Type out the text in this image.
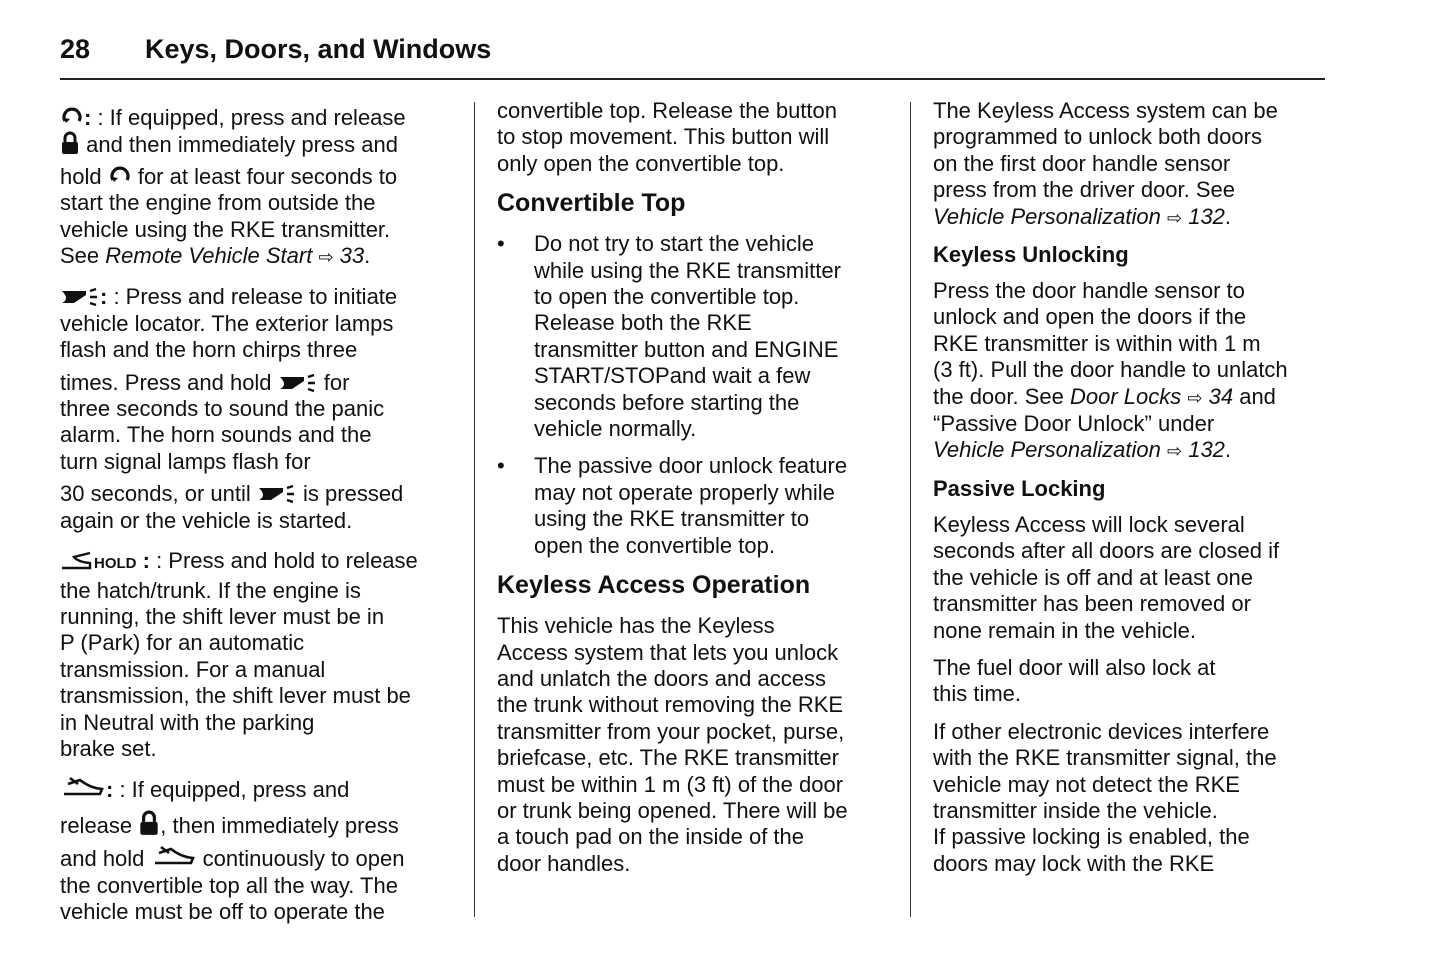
28 Keys, Doors, and Windows

: : If equipped, press and release
and then immediately press and
hold
for at least four seconds to
start the engine from outside the
vehicle using the RKE transmitter.
See Remote Vehicle Start ⇨ 33.

: : Press and release to initiate
vehicle locator. The exterior lamps
flash and the horn chirps three
times. Press and hold
for
three seconds to sound the panic
alarm. The horn sounds and the
turn signal lamps flash for
30 seconds, or until
is pressed
again or the vehicle is started.

HOLD : : Press and hold to release
the hatch/trunk. If the engine is
running, the shift lever must be in
P (Park) for an automatic
transmission. For a manual
transmission, the shift lever must be
in Neutral with the parking
brake set.

: : If equipped, press and
release
, then immediately press
and hold
continuously to open
the convertible top all the way. The
vehicle must be off to operate the

convertible top. Release the button
to stop movement. This button will
only open the convertible top.

Convertible Top
• Do not try to start the vehicle
while using the RKE transmitter
to open the convertible top.
Release both the RKE
transmitter button and ENGINE
START/STOPand wait a few
seconds before starting the
vehicle normally.
• The passive door unlock feature
may not operate properly while
using the RKE transmitter to
open the convertible top.
Keyless Access Operation

This vehicle has the Keyless
Access system that lets you unlock
and unlatch the doors and access
the trunk without removing the RKE
transmitter from your pocket, purse,
briefcase, etc. The RKE transmitter
must be within 1 m (3 ft) of the door
or trunk being opened. There will be
a touch pad on the inside of the
door handles.

The Keyless Access system can be
programmed to unlock both doors
on the first door handle sensor
press from the driver door. See
Vehicle Personalization ⇨ 132.

Keyless Unlocking

Press the door handle sensor to
unlock and open the doors if the
RKE transmitter is within with 1 m
(3 ft). Pull the door handle to unlatch
the door. See Door Locks ⇨ 34 and
“Passive Door Unlock” under
Vehicle Personalization ⇨ 132.

Passive Locking

Keyless Access will lock several
seconds after all doors are closed if
the vehicle is off and at least one
transmitter has been removed or
none remain in the vehicle.

The fuel door will also lock at
this time.

If other electronic devices interfere
with the RKE transmitter signal, the
vehicle may not detect the RKE
transmitter inside the vehicle.
If passive locking is enabled, the
doors may lock with the RKE
